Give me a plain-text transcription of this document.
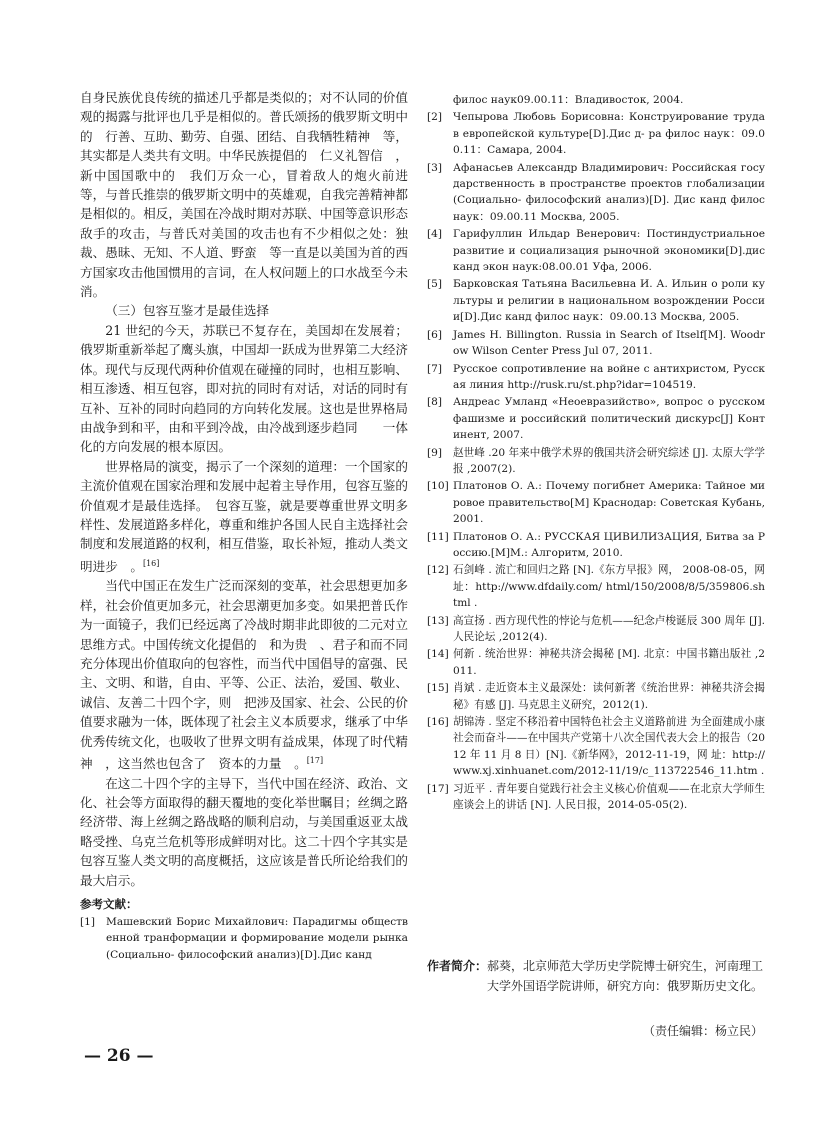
自身民族优良传统的描述几乎都是类似的；对不认同的价值观的揭露与批评也几乎是相似的。普氏颂扬的俄罗斯文明中的　行善、互助、勤劳、自强、团结、自我牺牲精神　等，其实都是人类共有文明。中华民族提倡的　仁义礼智信　，新中国国歌中的　我们万众一心，冒着敌人的炮火前进　等，与普氏推崇的俄罗斯文明中的英雄观，自我完善精神都是相似的。相反，美国在冷战时期对苏联、中国等意识形态敌手的攻击，与普氏对美国的攻击也有不少相似之处：独裁、愚昧、无知、不人道、野蛮　等一直是以美国为首的西方国家攻击他国惯用的言词，在人权问题上的口水战至今未消。

（三）包容互鉴才是最佳选择

21 世纪的今天，苏联已不复存在，美国却在发展着；俄罗斯重新举起了鹰头旗，中国却一跃成为世界第二大经济体。现代与反现代两种价值观在碰撞的同时，也相互影响、相互渗透、相互包容，即对抗的同时有对话，对话的同时有互补、互补的同时向趋同的方向转化发展。这也是世界格局由战争到和平，由和平到冷战，由冷战到逐步趋同　　一体化的方向发展的根本原因。

世界格局的演变，揭示了一个深刻的道理：一个国家的主流价值观在国家治理和发展中起着主导作用，包容互鉴的价值观才是最佳选择。　包容互鉴，就是要尊重世界文明多样性、发展道路多样化，尊重和维护各国人民自主选择社会制度和发展道路的权利，相互借鉴，取长补短，推动人类文明进步　。[16]

当代中国正在发生广泛而深刻的变革，社会思想更加多样，社会价值更加多元，社会思潮更加多变。如果把普氏作为一面镜子，我们已经远离了冷战时期非此即彼的二元对立思维方式。中国传统文化提倡的　和为贵　、君子和而不同　充分体现出价值取向的包容性，而当代中国倡导的富强、民主、文明、和谐，自由、平等、公正、法治，爱国、敬业、诚信、友善二十四个字，则　把涉及国家、社会、公民的价值要求融为一体，既体现了社会主义本质要求，继承了中华优秀传统文化，也吸收了世界文明有益成果，体现了时代精神　，这当然也包含了　资本的力量　。[17]

在这二十四个字的主导下，当代中国在经济、政治、文化、社会等方面取得的翻天覆地的变化举世瞩目；丝绸之路经济带、海上丝绸之路战略的顺利启动，与美国重返亚太战略受挫、乌克兰危机等形成鲜明对比。这二十四个字其实是包容互鉴人类文明的高度概括，这应该是普氏所论给我们的最大启示。

参考文献：
[1]	Машевский Борис Михайлович: Парадигмы общественной транформации и формирование модели рынка(Социально- философский анализ)[D].Дис канд
филос наук09.00.11：Владивосток, 2004.
[2]	Чепырова Любовь Борисовна: Конструирование труда в европейской культуре[D].Дис д- ра филос наук：09.00.11：Самара, 2004.
[3]	Афанасьев Александр Владимирович: Российская государственность в пространстве проектов глобализации(Социально- философский анализ)[D]. Дис канд филос наук：09.00.11 Москва, 2005.
[4]	Гарифуллин Ильдар Венерович: Постиндустриальное развитие и социализация рыночной экономики[D].дис канд экон наук:08.00.01 Уфа, 2006.
[5]	Барковская Татьяна Васильевна И. А. Ильин о роли культуры и религии в национальном возрождении России[D].Дис канд филос наук：09.00.13 Москва, 2005.
[6]	James H. Billington. Russia in Search of Itself[M]. Woodrow Wilson Center Press Jul 07, 2011.
[7]	Русское сопротивление на войне с антихристом, Русская линия http://rusk.ru/st.php?idar=104519.
[8]	Андреас Умланд «Неоевразийство», вопрос о русском фашизме и российский политический дискурс[J] Континент, 2007.
[9]	赵世峰 .20 年来中俄学术界的俄国共济会研究综述 [J]. 太原大学学报 ,2007(2).
[10] Платонов О. А.: Почему погибнет Америка: Тайное мировое правительство[M] Краснодар: Советская Кубань, 2001.
[11] Платонов О. А.: РУССКАЯ ЦИВИЛИЗАЦИЯ, Битва за Россию.[M]М.: Алгоритм, 2010.
[12] 石剑峰 . 流亡和回归之路 [N].《东方早报》网， 2008-08-05，网 址：http://www.dfdaily.com/ html/150/2008/8/5/359806.shtml .
[13] 高宣扬 . 西方现代性的悖论与危机——纪念卢梭诞辰 300 周年 [J]. 人民论坛 ,2012(4).
[14] 何新 . 统治世界：神秘共济会揭秘 [M]. 北京：中国书籍出版社 ,2011.
[15] 肖斌 . 走近资本主义最深处：读何新著《统治世界：神秘共济会揭秘》有感 [J]. 马克思主义研究，2012(1).
[16] 胡锦涛 . 坚定不移沿着中国特色社会主义道路前进 为全面建成小康社会而奋斗——在中国共产党第十八次全国代表大会上的报告（2012 年 11 月 8 日）[N].《新华网》，2012-11-19，网 址：http://www.xj.xinhuanet.com/2012-11/19/c_113722546_11.htm .
[17] 习近平 . 青年要自觉践行社会主义核心价值观——在北京大学师生座谈会上的讲话 [N]. 人民日报，2014-05-05(2).
作者简介： 郝葵，北京师范大学历史学院博士研究生，河南理工大学外国语学院讲师，研究方向：俄罗斯历史文化。
（责任编辑：杨立民）
— 26 —
